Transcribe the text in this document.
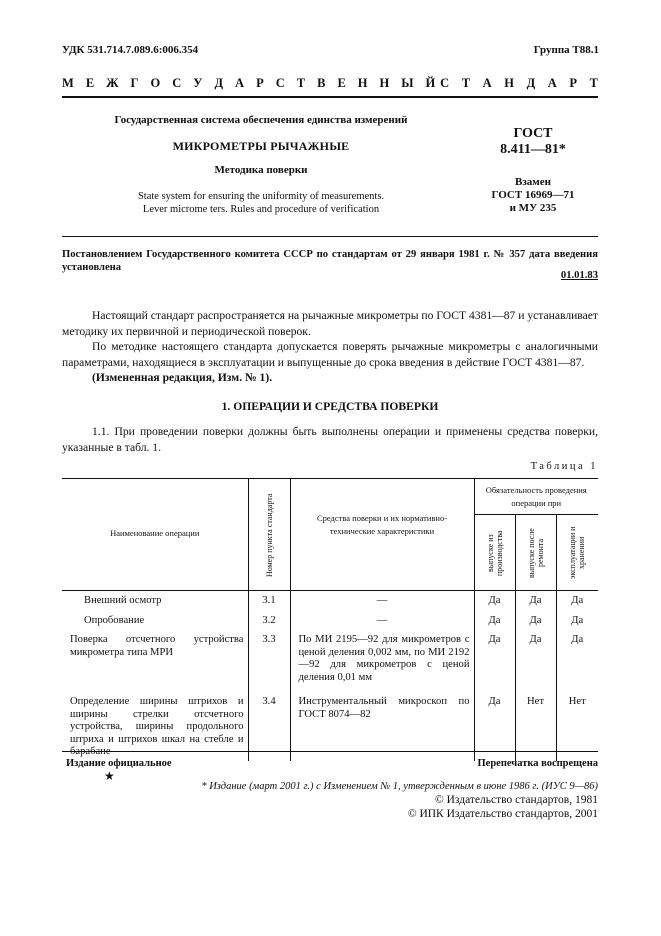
УДК 531.714.7.089.6:006.354	Группа Т88.1
М Е Ж Г О С У Д А Р С Т В Е Н Н Ы Й С Т А Н Д А Р Т
Государственная система обеспечения единства измерений
МИКРОМЕТРЫ РЫЧАЖНЫЕ
Методика поверки
State system for ensuring the uniformity of measurements.
Lever microme ters. Rules and procedure of verification
ГОСТ
8.411—81*
Взамен
ГОСТ 16969—71
и МУ 235
Постановлением Государственного комитета СССР по стандартам от 29 января 1981 г. № 357 дата введения установлена
01.01.83

Настоящий стандарт распространяется на рычажные микрометры по ГОСТ 4381—87 и устанавливает методику их первичной и периодической поверок.

По методике настоящего стандарта допускается поверять рычажные микрометры с аналогичными параметрами, находящиеся в эксплуатации и выпущенные до срока введения в действие ГОСТ 4381—87.

(Измененная редакция, Изм. № 1).

1. ОПЕРАЦИИ И СРЕДСТВА ПОВЕРКИ

1.1. При проведении поверки должны быть выполнены операции и применены средства поверки, указанные в табл. 1.

Таблица 1
Наименование операции	Номер пункта стандарта	Средства поверки и их нормативно-технические характеристики	Обязательность проведения операции при		

			выпуске из производства	выпуске после ремонта	эксплуатации и хранении

Внешний осмотр	3.1	—	Да	Да	Да
Опробование	3.2	—	Да	Да	Да
Поверка отсчетного устройства микрометра типа МРИ	3.3	По МИ 2195—92 для микрометров с ценой деления 0,002 мм, по МИ 2192—92 для микрометров с ценой деления 0,01 мм	Да	Да	Да
Определение ширины штрихов и ширины стрелки отсчетного устройства, ширины продольного штриха и штрихов шкал на стебле и барабане	3.4	Инструментальный микроскоп по ГОСТ 8074—82	Да	Нет	Нет
Издание официальное	Перепечатка воспрещена
★
* Издание (март 2001 г.) с Изменением № 1, утвержденным в июне 1986 г. (ИУС 9—86)
© Издательство стандартов, 1981
© ИПК Издательство стандартов, 2001
